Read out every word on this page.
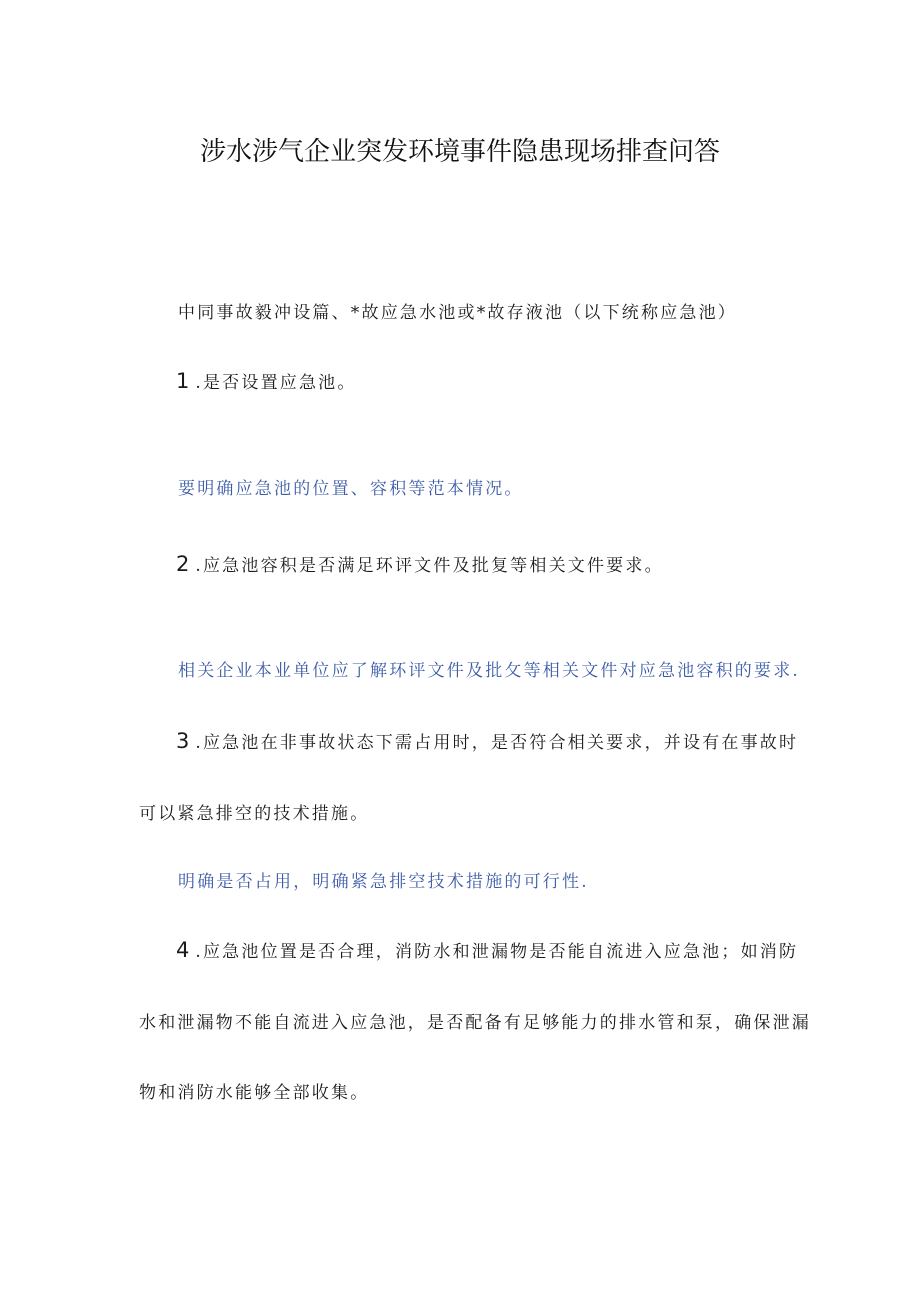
涉水涉气企业突发环境事件隐患现场排查问答
中同事故毅冲设篇、*故应急水池或*故存液池（以下统称应急池）
1 .是否设置应急池。
要明确应急池的位置、容积等范本情况。
2 .应急池容积是否满足环评文件及批复等相关文件要求。
相关企业本业单位应了解环评文件及批攵等相关文件对应急池容积的要求.
3 .应急池在非事故状态下需占用时，是否符合相关要求，并设有在事故时
可以紧急排空的技术措施。
明确是否占用，明确紧急排空技术措施的可行性.
4 .应急池位置是否合理，消防水和泄漏物是否能自流进入应急池；如消防
水和泄漏物不能自流进入应急池，是否配备有足够能力的排水管和泵，确保泄漏
物和消防水能够全部收集。
